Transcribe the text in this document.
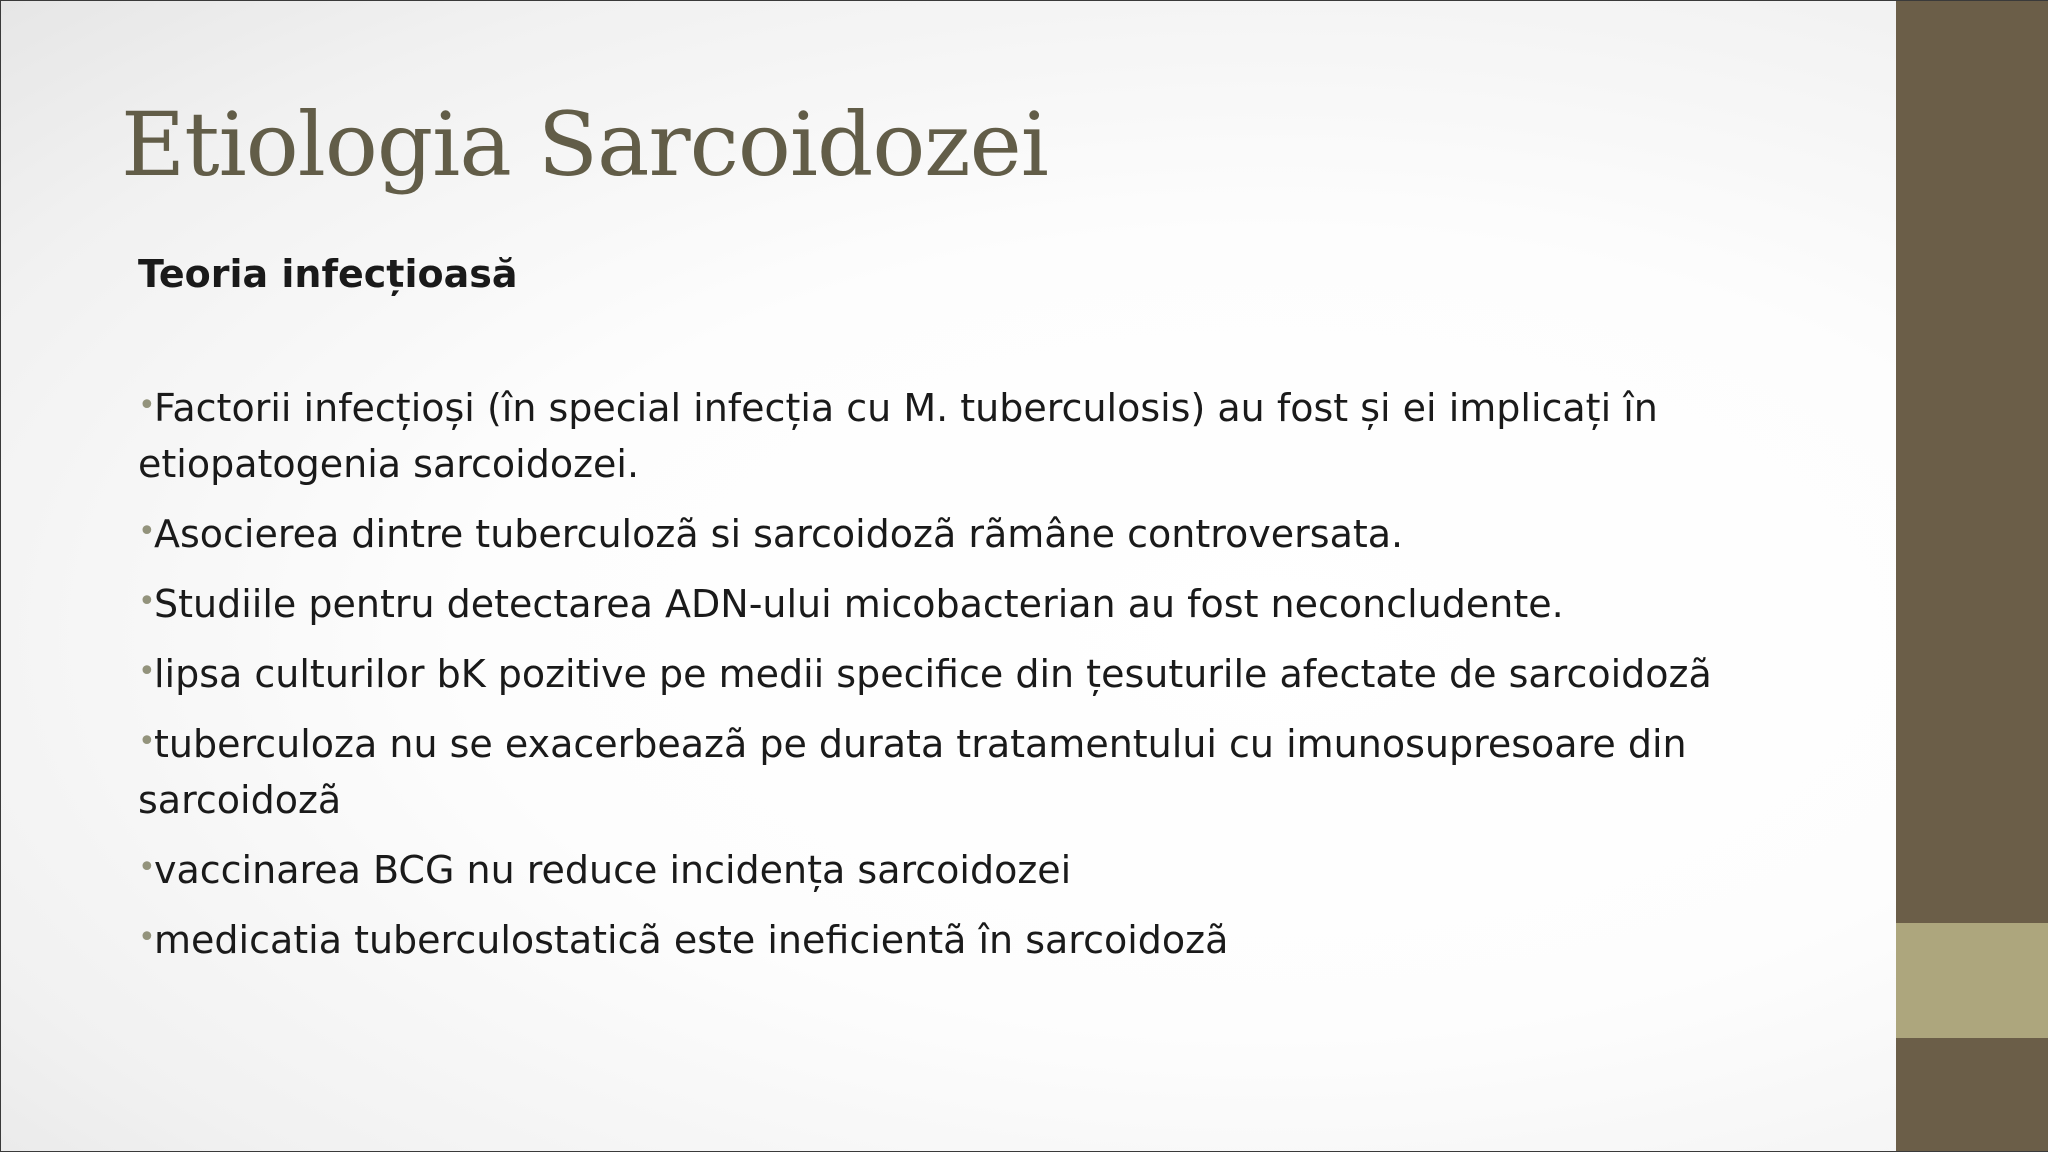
Etiologia Sarcoidozei

Teoria infecțioasă

•Factorii infecțioși (în special infecția cu M. tuberculosis) au fost și ei implicați în etiopatogenia sarcoidozei.
•Asocierea dintre tuberculozã si sarcoidozã rãmâne controversata.
•Studiile pentru detectarea ADN-ului micobacterian au fost neconcludente.
•lipsa culturilor bK pozitive pe medii specifice din țesuturile afectate de sarcoidozã
•tuberculoza nu se exacerbeazã pe durata tratamentului cu imunosupresoare din sarcoidozã
•vaccinarea BCG nu reduce incidența sarcoidozei
•medicatia tuberculostaticã este ineficientã în sarcoidozã
